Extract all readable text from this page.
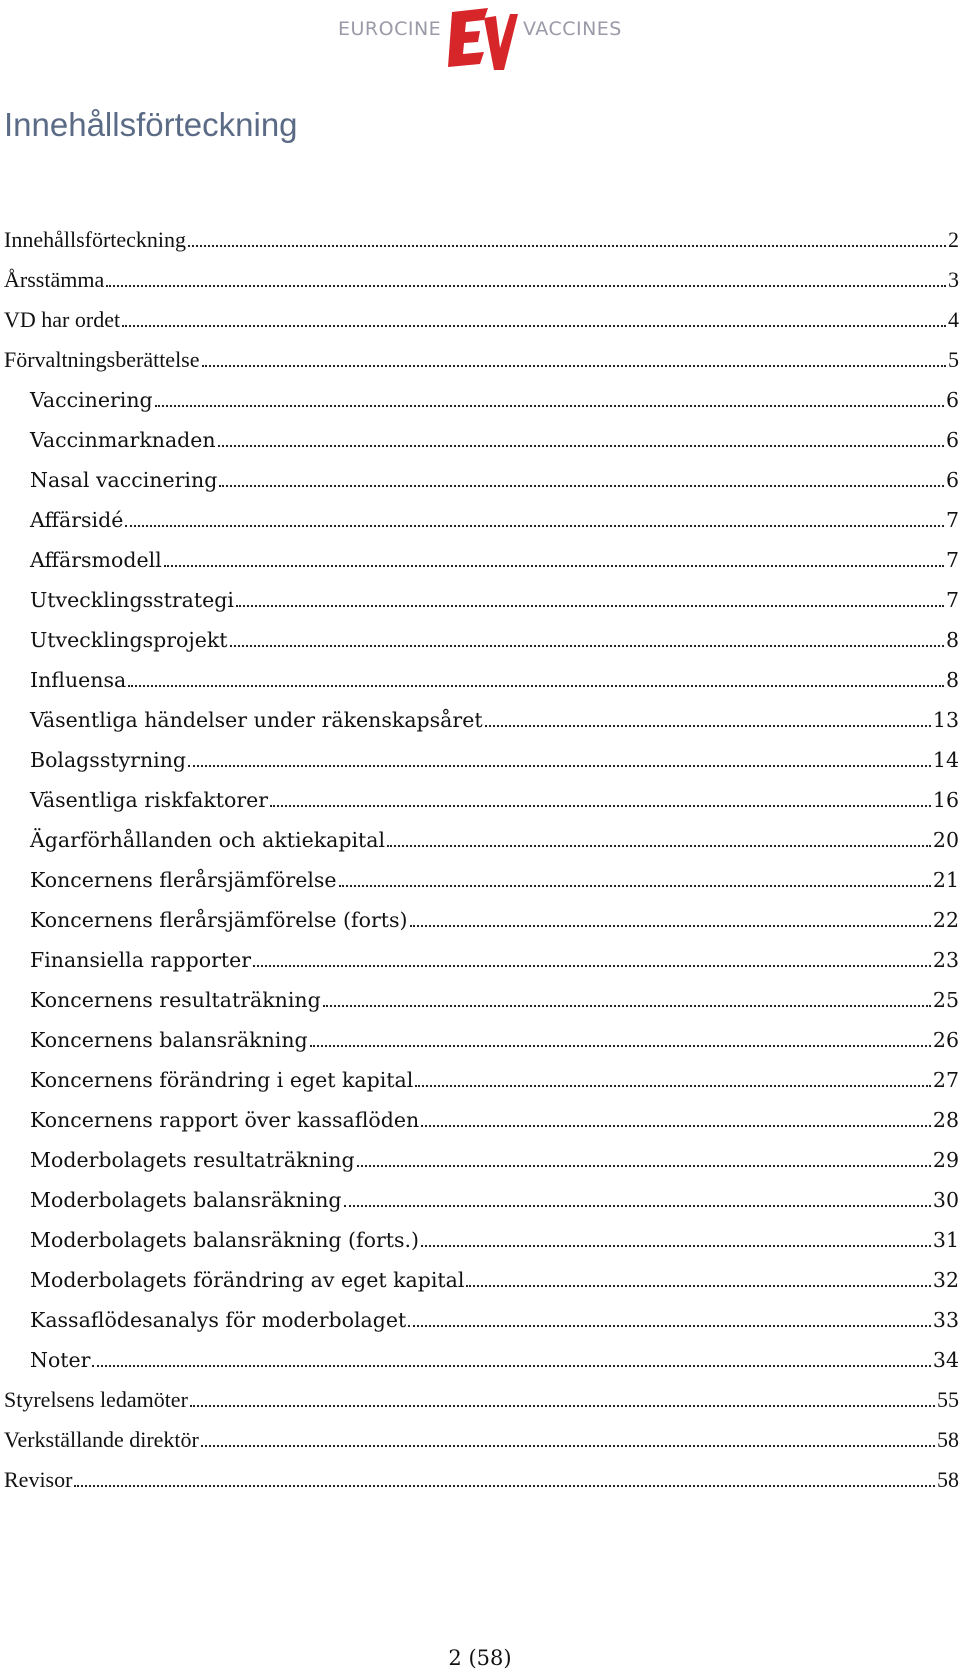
EUROCINE	VACCINES
Innehållsförteckning
Innehållsförteckning	2
Årsstämma	3
VD har ordet	4
Förvaltningsberättelse	5
Vaccinering	6
Vaccinmarknaden	6
Nasal vaccinering	6
Affärsidé	7
Affärsmodell	7
Utvecklingsstrategi	7
Utvecklingsprojekt	8
Influensa	8
Väsentliga händelser under räkenskapsåret	13
Bolagsstyrning	14
Väsentliga riskfaktorer	16
Ägarförhållanden och aktiekapital	20
Koncernens flerårsjämförelse	21
Koncernens flerårsjämförelse (forts)	22
Finansiella rapporter	23
Koncernens resultaträkning	25
Koncernens balansräkning	26
Koncernens förändring i eget kapital	27
Koncernens rapport över kassaflöden	28
Moderbolagets resultaträkning	29
Moderbolagets balansräkning	30
Moderbolagets balansräkning (forts.)	31
Moderbolagets förändring av eget kapital	32
Kassaflödesanalys för moderbolaget	33
Noter	34
Styrelsens ledamöter	55
Verkställande direktör	58
Revisor	58
2 (58)
